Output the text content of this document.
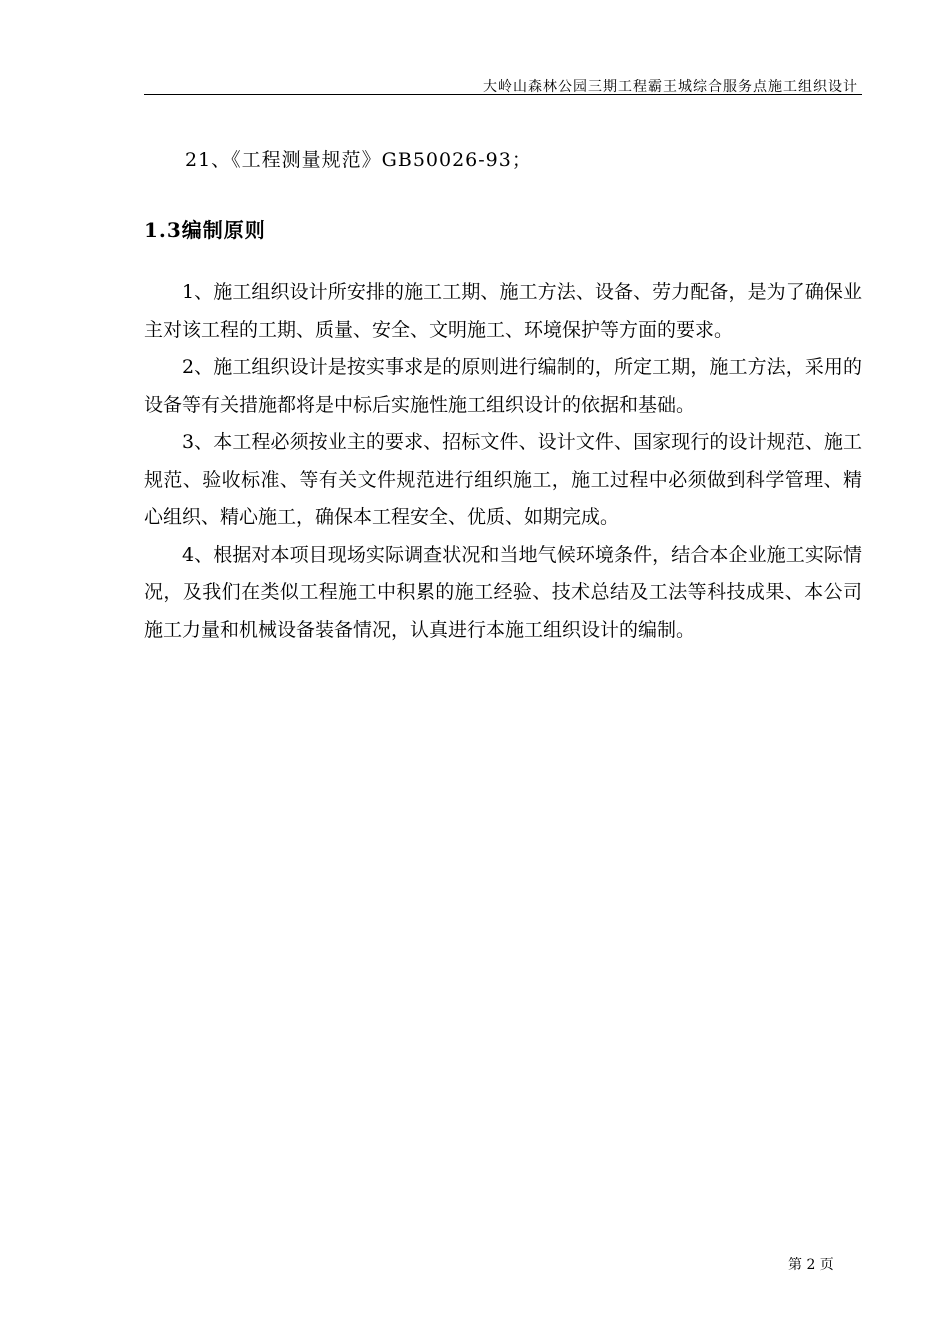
大岭山森林公园三期工程霸王城综合服务点施工组织设计
21、《工程测量规范》GB50026-93；
1.3编制原则

1、施工组织设计所安排的施工工期、施工方法、设备、劳力配备，是为了确保业主对该工程的工期、质量、安全、文明施工、环境保护等方面的要求。

2、施工组织设计是按实事求是的原则进行编制的，所定工期，施工方法，采用的设备等有关措施都将是中标后实施性施工组织设计的依据和基础。

3、本工程必须按业主的要求、招标文件、设计文件、国家现行的设计规范、施工规范、验收标准、等有关文件规范进行组织施工，施工过程中必须做到科学管理、精心组织、精心施工，确保本工程安全、优质、如期完成。

4、根据对本项目现场实际调查状况和当地气候环境条件，结合本企业施工实际情况，及我们在类似工程施工中积累的施工经验、技术总结及工法等科技成果、本公司施工力量和机械设备装备情况，认真进行本施工组织设计的编制。

第 2 页
